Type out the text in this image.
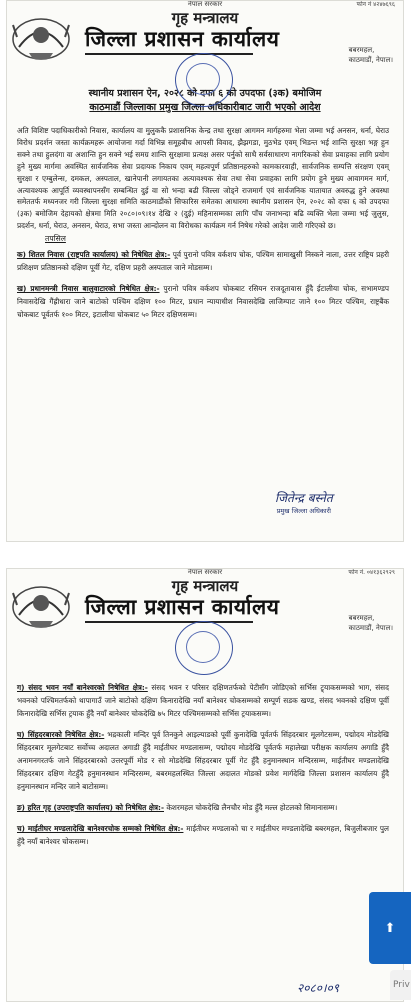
नेपाल सरकार	फोन नं ४२४७६९६
गृह मन्त्रालय
जिल्ला प्रशासन कार्यालय	बबरमहल,
काठमाडौं, नेपाल।
स्थानीय प्रशासन ऐन, २०२८ को दफा ६ को उपदफा (३क) बमोजिम
काठमाडौं जिल्लाका प्रमुख जिल्ला अधिकारीबाट जारी भएको आदेश

अति विशिष्ट पदाधिकारीको निवास, कार्यालय वा मुलुककै प्रशासनिक केन्द्र तथा सुरक्षा आगमन मार्गहरुमा भेला जम्मा भई अनसन, धर्ना, घेराउ विरोध प्रदर्शन जस्ता कार्यक्रमहरू आयोजना गर्दा विभिन्न समूहबीच आपसी विवाद, झैझगडा, मुठभेड एवम् भिडन्त भई शान्ति सुरक्षा भङ्ग हुन सक्ने तथा हुलदंगा वा अशान्ति हुन सक्ने भई समग्र शान्ति सुरक्षामा प्रत्यक्ष असर पर्नुको साथै सर्वसाधारण नागरिकको सेवा प्रवाहका लागि प्रयोग हुने मुख्य मार्गमा अवस्थित सार्वजनिक सेवा प्रदायक निकाय एवम् महत्वपूर्ण प्रतिष्ठानहरुको कामकारवाही, सार्वजनिक सम्पत्ति संरक्षण एवम् सुरक्षा र एम्बुलेन्स, दमकल, अस्पताल, खानेपानी लगायतका अत्यावश्यक सेवा तथा सेवा प्रवाहका लागि प्रयोग हुने मुख्य आवागमन मार्ग, अत्यावश्यक आपूर्ति व्यवस्थापनसँग सम्बन्धित दुई वा सो भन्दा बढी जिल्ला जोड्ने राजमार्ग एवं सार्वजनिक यातायात अवरुद्ध हुने अवस्था समेततर्फ मध्यनजर गरी जिल्ला सुरक्षा समिति काठमाडौंको सिफारिस समेतका आधारमा स्थानीय प्रशासन ऐन, २०२८ को दफा ६ को उपदफा (३क) बमोजिम देहायको क्षेत्रमा मिति २०८०।०९।१४ देखि २ (दुई) महिनासम्मका लागि पाँच जनाभन्दा बढि व्यक्ति भेला जम्मा भई जुलुस, प्रदर्शन, धर्ना, घेराउ, अनसन, घेराउ, सभा जस्ता आन्दोलन वा विरोधका कार्यक्रम गर्न निषेध गरेको आदेश जारी गरिएको छ।

तपसिल

क) शितल निवास (राष्ट्रपति कार्यालय) को निषेधित क्षेत्र:- पूर्व पुरानो पवित्र वर्कशप चोक, पश्चिम सामाखुसी निस्कने नाला, उत्तर राष्ट्रिय प्रहरी प्रशिक्षण प्रतिष्ठानको दक्षिण पूर्वी गेट, दक्षिण प्रहरी अस्पताल जाने मोडसम्म।

ख) प्रधानमन्त्री निवास बालुवाटारको निषेधित क्षेत्र:- पुरानो पवित्र वर्कशप चोकबाट रसियन राजदूतावास हुँदै ईटालीया चोक, सभामण्डप निवासदेखि गैंह्रीधारा जाने बाटोको पश्चिम दक्षिण १०० मिटर, प्रधान न्यायाधीश निवासदेखि लाजिम्पाट जाने १०० मिटर पश्चिम, राष्ट्रबैंक चोकबाट पूर्वतर्फ १०० मिटर, इटालीया चोकबाट ५० मिटर दक्षिणसम्म।

जितेन्द्र बस्नेत
प्रमुख जिल्ला अधिकारी
नेपाल सरकार	फोन नं. ०४१३६२९२९
गृह मन्त्रालय
जिल्ला प्रशासन कार्यालय	बबरमहल,
काठमाडौं, नेपाल।

ग) संसद भवन नयाँ बानेश्वरको निषेधित क्षेत्र:- संसद भवन र परिसर दक्षिणतर्फको पेटीसँग जोडिएको सर्भिस ट्र्याकसम्मको भाग, संसद भवनको पश्चिमतर्फको थापागाउँ जाने बाटोको दक्षिण किनारादेखि नयाँ बानेश्वर चोकसम्मको सम्पूर्ण सडक खण्ड, संसद भवनको दक्षिण पूर्वी किनारादेखि सर्भिस ट्रयाक हुँदै नयाँ बानेश्वर चोकदेखि ७५ मिटर पश्चिमसम्मको सर्भिस ट्रयाकसम्म।

घ) सिंहदरबारको निषेधित क्षेत्र:- भद्रकाली मन्दिर पूर्व तिनकुने आइल्याडको पूर्वी कुनादेखि पूर्वतर्फ सिंहदरबार मूलगेटसम्म, पद्मोदय मोडदेखि सिंहदरबार मूलगेटबाट सर्वोच्च अदालत अगाडी हुँदै माईतीघर मण्डलासम्म, पद्मोदय मोडदेखि पूर्वतर्फ महालेखा परीक्षक कार्यालय अगाडि हुँदै अनामनगरतर्फ जाने सिंहदरबारको उत्तरपूर्वी मोड र सो मोडदेखि सिंहदरबार पूर्वी गेट हुँदै हनुमानस्थान मन्दिरसम्म, माईतीघर मण्डलादेखि सिंहदरबार दक्षिण गेटहुँदै हनुमानस्थान मन्दिरसम्म, बबरमहलस्थित जिल्ला अदालत मोडको प्रवेश मार्गदेखि जिल्ला प्रशासन कार्यालय हुँदै हनुमानस्थान मन्दिर जाने बाटोसम्म।

ङ) हरित गृह (उपराष्ट्रपति कार्यालय) को निषेधित क्षेत्र:- केशरमहल चोकदेखि लैनचौर मोड हुँदै मल्ल होटलको सिमानासम्म।

च) माईतीघर मण्डलादेखि बानेश्वरचोक सम्मको निषेधित क्षेत्र:- माईतीघर मण्डलाको चा र माईतीघर मण्डलादेखि बबरमहल, बिजुलीबजार पुल हुँदै नयाँ बानेश्वर चोकसम्म।

२०८०।०९
⬆
Priv
